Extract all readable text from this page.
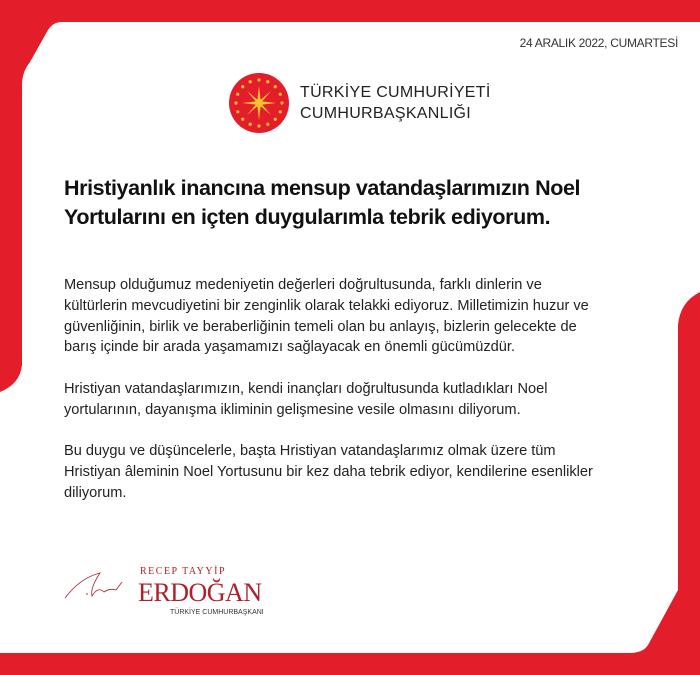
24 ARALIK 2022, CUMARTESİ
TÜRKİYE CUMHURİYETİ
CUMHURBAŞKANLIĞI
Hristiyanlık inancına mensup vatandaşlarımızın Noel Yortularını en içten duygularımla tebrik ediyorum.

Mensup olduğumuz medeniyetin değerleri doğrultusunda, farklı dinlerin ve kültürlerin mevcudiyetini bir zenginlik olarak telakki ediyoruz. Milletimizin huzur ve güvenliğinin, birlik ve beraberliğinin temeli olan bu anlayış, bizlerin gelecekte de barış içinde bir arada yaşamamızı sağlayacak en önemli gücümüzdür.

Hristiyan vatandaşlarımızın, kendi inançları doğrultusunda kutladıkları Noel yortularının, dayanışma ikliminin gelişmesine vesile olmasını diliyorum.

Bu duygu ve düşüncelerle, başta Hristiyan vatandaşlarımız olmak üzere tüm Hristiyan âleminin Noel Yortusunu bir kez daha tebrik ediyor, kendilerine esenlikler diliyorum.

RECEP TAYYİP
ERDOĞAN
TÜRKİYE CUMHURBAŞKANI
